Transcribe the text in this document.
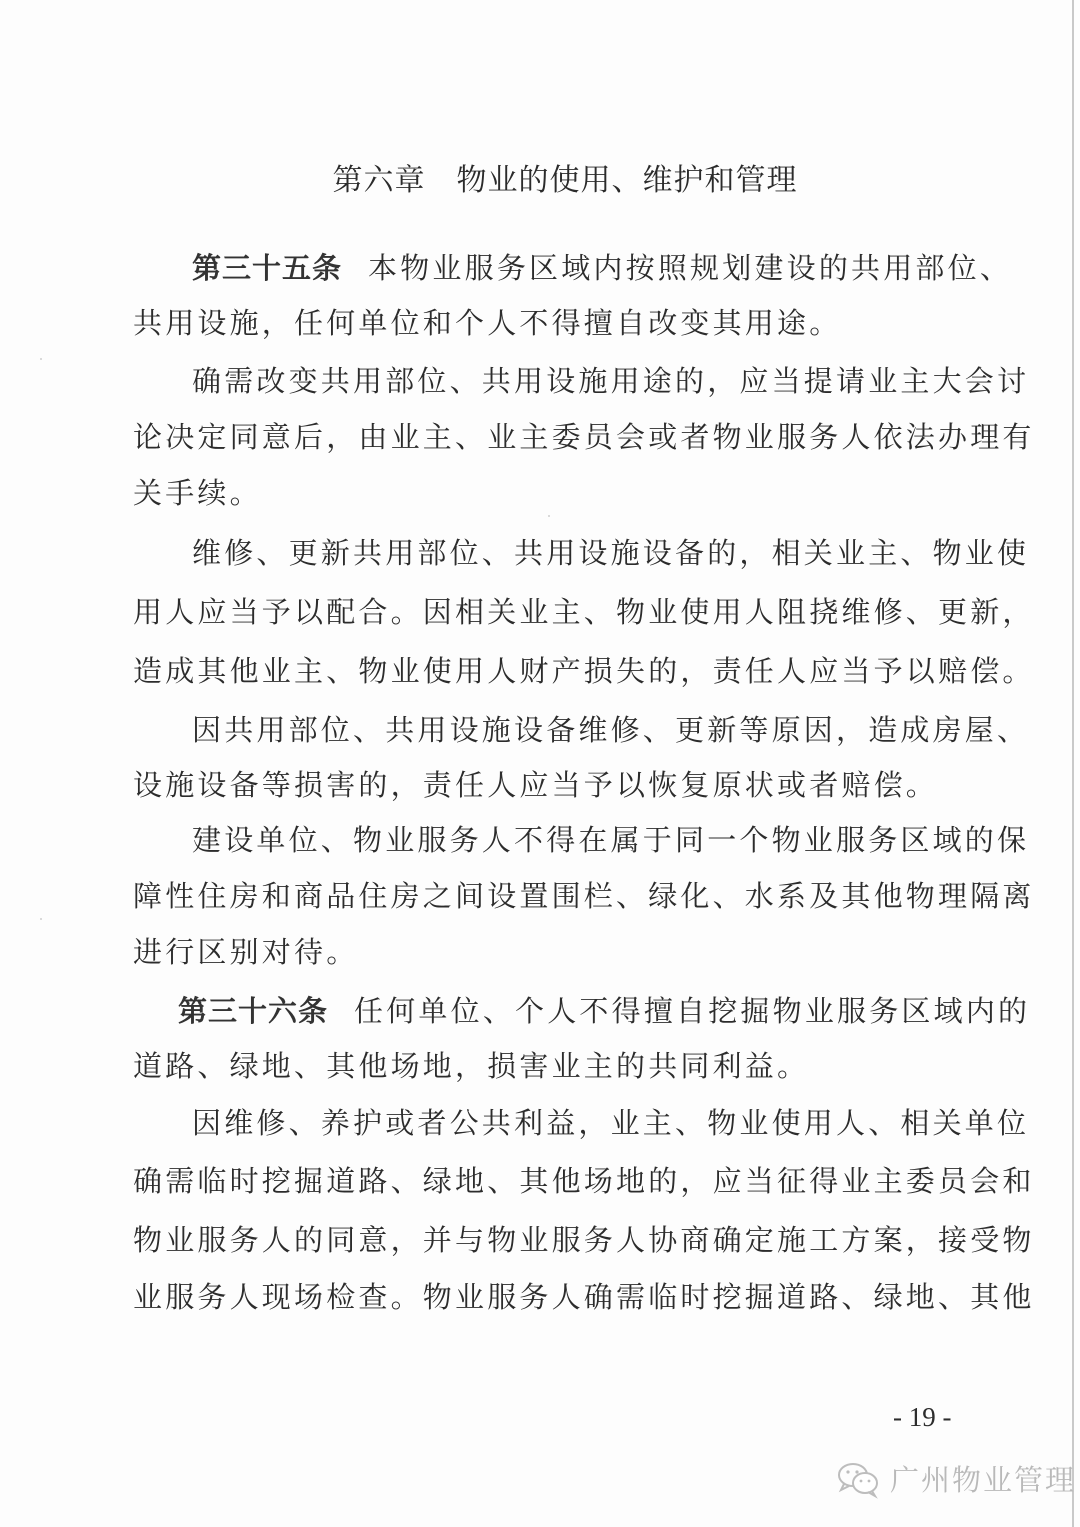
第六章　物业的使用、维护和管理
第三十五条 本物业服务区域内按照规划建设的共用部位、
共用设施，任何单位和个人不得擅自改变其用途。
确需改变共用部位、共用设施用途的，应当提请业主大会讨
论决定同意后，由业主、业主委员会或者物业服务人依法办理有
关手续。
维修、更新共用部位、共用设施设备的，相关业主、物业使
用人应当予以配合。因相关业主、物业使用人阻挠维修、更新，
造成其他业主、物业使用人财产损失的，责任人应当予以赔偿。
因共用部位、共用设施设备维修、更新等原因，造成房屋、
设施设备等损害的，责任人应当予以恢复原状或者赔偿。
建设单位、物业服务人不得在属于同一个物业服务区域的保
障性住房和商品住房之间设置围栏、绿化、水系及其他物理隔离
进行区别对待。
第三十六条 任何单位、个人不得擅自挖掘物业服务区域内的
道路、绿地、其他场地，损害业主的共同利益。
因维修、养护或者公共利益，业主、物业使用人、相关单位
确需临时挖掘道路、绿地、其他场地的，应当征得业主委员会和
物业服务人的同意，并与物业服务人协商确定施工方案，接受物
业服务人现场检查。物业服务人确需临时挖掘道路、绿地、其他
- 19 -
广州物业管理
